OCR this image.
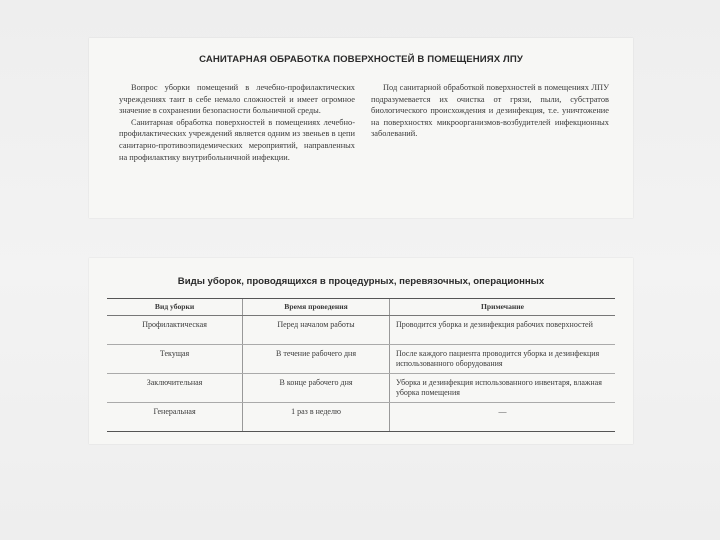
САНИТАРНАЯ ОБРАБОТКА ПОВЕРХНОСТЕЙ В ПОМЕЩЕНИЯХ ЛПУ

Вопрос уборки помещений в лечебно-профилактических учреждениях таит в себе немало сложностей и имеет огромное значение в сохранении безопасности больничной среды.

Санитарная обработка поверхностей в помещениях лечебно-профилактических учреждений является одним из звеньев в цепи санитарно-противоэпидемических мероприятий, направленных на профилактику внутрибольничной инфекции.

Под санитарной обработкой поверхностей в помещениях ЛПУ подразумевается их очистка от грязи, пыли, субстратов биологического происхождения и дезинфекция, т.е. уничтожение на поверхностях микроорганизмов-возбудителей инфекционных заболеваний.

Виды уборок, проводящихся в процедурных, перевязочных, операционных
Вид уборки	Время проведения	Примечание
Профилактическая	Перед началом работы	Проводится уборка и дезинфекция рабочих поверхностей
Текущая	В течение рабочего дня	После каждого пациента проводится уборка и дезинфекция использованного оборудования
Заключительная	В конце рабочего дня	Уборка и дезинфекция использованного инвентаря, влажная уборка помещения
Генеральная	1 раз в неделю	—
